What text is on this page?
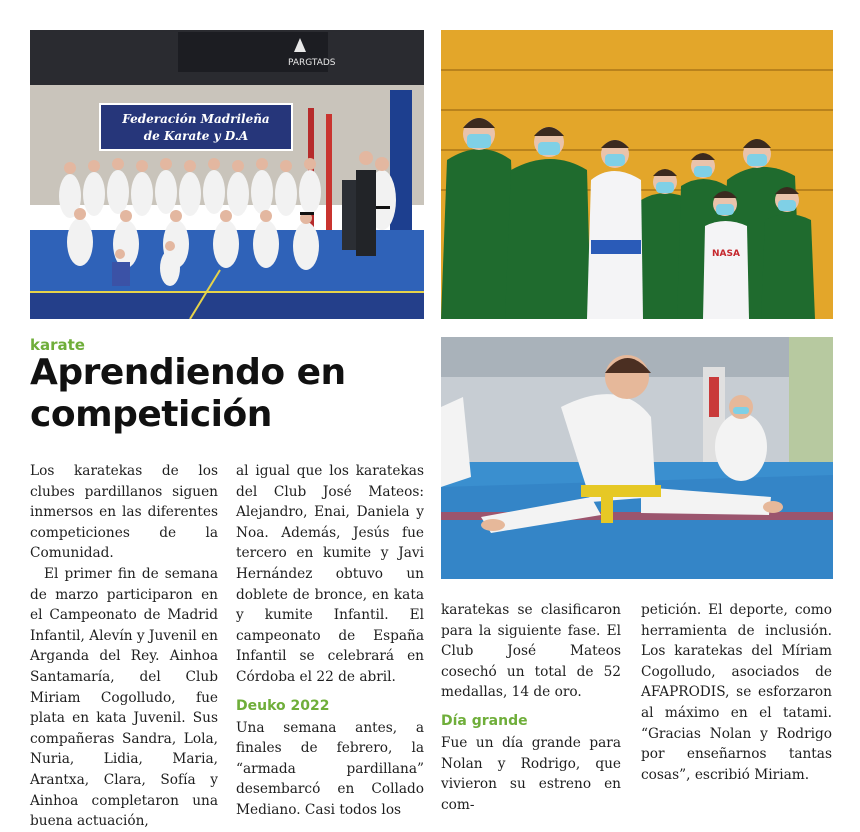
PARGTADS
Federación Madrileña
de Karate y D.A
NASA
karate
Aprendiendo en
competición

Los karatekas de los clubes pardillanos siguen inmersos en las diferentes competiciones de la Comunidad.

El primer fin de semana de marzo participaron en el Campeonato de Madrid Infantil, Alevín y Juvenil en Arganda del Rey. Ainhoa Santamaría, del Club Miriam Cogolludo, fue plata en kata Juvenil. Sus compañeras Sandra, Lola, Nuria, Lidia, Maria, Arantxa, Clara, Sofía y Ainhoa completaron una buena actuación,

al igual que los karatekas del Club José Mateos: Alejandro, Enai, Daniela y Noa. Además, Jesús fue tercero en kumite y Javi Hernández obtuvo un doblete de bronce, en kata y kumite Infantil. El campeonato de España Infantil se celebrará en Córdoba el 22 de abril.

Deuko 2022

Una semana antes, a finales de febrero, la “armada pardillana” desembarcó en Collado Mediano. Casi todos los

karatekas se clasificaron para la siguiente fase. El Club José Mateos cosechó un total de 52 medallas, 14 de oro.

Día grande

Fue un día grande para Nolan y Rodrigo, que vivieron su estreno en com-

petición. El deporte, como herramienta de inclusión. Los karatekas del Míriam Cogolludo, asociados de AFAPRODIS, se esforzaron al máximo en el tatami. “Gracias Nolan y Rodrigo por enseñarnos tantas cosas”, escribió Miriam.
